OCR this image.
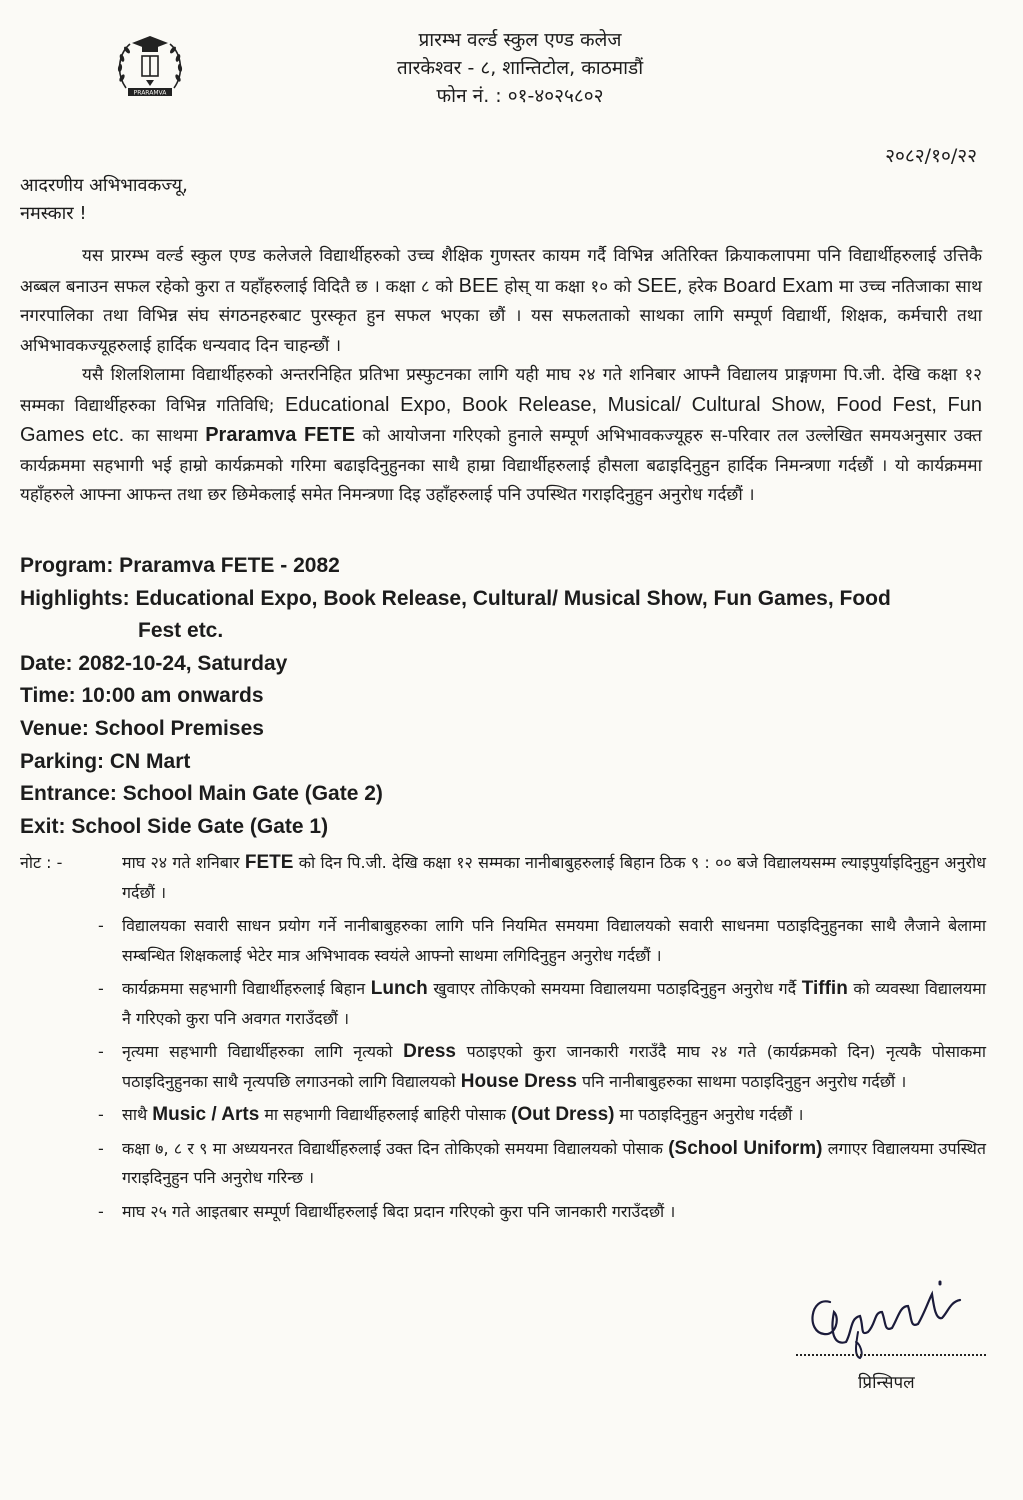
PRARAMVA
प्रारम्भ वर्ल्ड स्कुल एण्ड कलेज
तारकेश्वर - ८, शान्तिटोल, काठमाडौं
फोन नं. : ०१-४०२५८०२
२०८२/१०/२२
आदरणीय अभिभावकज्यू,
नमस्कार !

यस प्रारम्भ वर्ल्ड स्कुल एण्ड कलेजले विद्यार्थीहरुको उच्च शैक्षिक गुणस्तर कायम गर्दै विभिन्न अतिरिक्त क्रियाकलापमा पनि विद्यार्थीहरुलाई उत्तिकै अब्बल बनाउन सफल रहेको कुरा त यहाँहरुलाई विदितै छ । कक्षा ८ को BEE होस् या कक्षा १० को SEE, हरेक Board Exam मा उच्च नतिजाका साथ नगरपालिका तथा विभिन्न संघ संगठनहरुबाट पुरस्कृत हुन सफल भएका छौं । यस सफलताको साथका लागि सम्पूर्ण विद्यार्थी, शिक्षक, कर्मचारी तथा अभिभावकज्यूहरुलाई हार्दिक धन्यवाद दिन चाहन्छौं ।

यसै शिलशिलामा विद्यार्थीहरुको अन्तरनिहित प्रतिभा प्रस्फुटनका लागि यही माघ २४ गते शनिबार आफ्नै विद्यालय प्राङ्गणमा पि.जी. देखि कक्षा १२ सम्मका विद्यार्थीहरुका विभिन्न गतिविधि; Educational Expo, Book Release, Musical/ Cultural Show, Food Fest, Fun Games etc. का साथमा Praramva FETE को आयोजना गरिएको हुनाले सम्पूर्ण अभिभावकज्यूहरु स-परिवार तल उल्लेखित समयअनुसार उक्त कार्यक्रममा सहभागी भई हाम्रो कार्यक्रमको गरिमा बढाइदिनुहुनका साथै हाम्रा विद्यार्थीहरुलाई हौसला बढाइदिनुहुन हार्दिक निमन्त्रणा गर्दछौं । यो कार्यक्रममा यहाँहरुले आफ्ना आफन्त तथा छर छिमेकलाई समेत निमन्त्रणा दिइ उहाँहरुलाई पनि उपस्थित गराइदिनुहुन अनुरोध गर्दछौं ।

Program: Praramva FETE - 2082
Highlights: Educational Expo, Book Release, Cultural/ Musical Show, Fun Games, Food
Fest etc.
Date: 2082-10-24, Saturday
Time: 10:00 am onwards
Venue: School Premises
Parking: CN Mart
Entrance: School Main Gate (Gate 2)
Exit: School Side Gate (Gate 1)
नोट : -	माघ २४ गते शनिबार FETE को दिन पि.जी. देखि कक्षा १२ सम्मका नानीबाबुहरुलाई बिहान ठिक ९ : ०० बजे विद्यालयसम्म ल्याइपुर्याइदिनुहुन अनुरोध गर्दछौं ।
-	विद्यालयका सवारी साधन प्रयोग गर्ने नानीबाबुहरुका लागि पनि नियमित समयमा विद्यालयको सवारी साधनमा पठाइदिनुहुनका साथै लैजाने बेलामा सम्बन्धित शिक्षकलाई भेटेर मात्र अभिभावक स्वयंले आफ्नो साथमा लगिदिनुहुन अनुरोध गर्दछौं ।
-	कार्यक्रममा सहभागी विद्यार्थीहरुलाई बिहान Lunch खुवाएर तोकिएको समयमा विद्यालयमा पठाइदिनुहुन अनुरोध गर्दै Tiffin को व्यवस्था विद्यालयमा नै गरिएको कुरा पनि अवगत गराउँदछौं ।
-	नृत्यमा सहभागी विद्यार्थीहरुका लागि नृत्यको Dress पठाइएको कुरा जानकारी गराउँदै माघ २४ गते (कार्यक्रमको दिन) नृत्यकै पोसाकमा पठाइदिनुहुनका साथै नृत्यपछि लगाउनको लागि विद्यालयको House Dress पनि नानीबाबुहरुका साथमा पठाइदिनुहुन अनुरोध गर्दछौं ।
-	साथै Music / Arts मा सहभागी विद्यार्थीहरुलाई बाहिरी पोसाक (Out Dress) मा पठाइदिनुहुन अनुरोध गर्दछौं ।
-	कक्षा ७, ८ र ९ मा अध्ययनरत विद्यार्थीहरुलाई उक्त दिन तोकिएको समयमा विद्यालयको पोसाक (School Uniform) लगाएर विद्यालयमा उपस्थित गराइदिनुहुन पनि अनुरोध गरिन्छ ।
-	माघ २५ गते आइतबार सम्पूर्ण विद्यार्थीहरुलाई बिदा प्रदान गरिएको कुरा पनि जानकारी गराउँदछौं ।
प्रिन्सिपल
